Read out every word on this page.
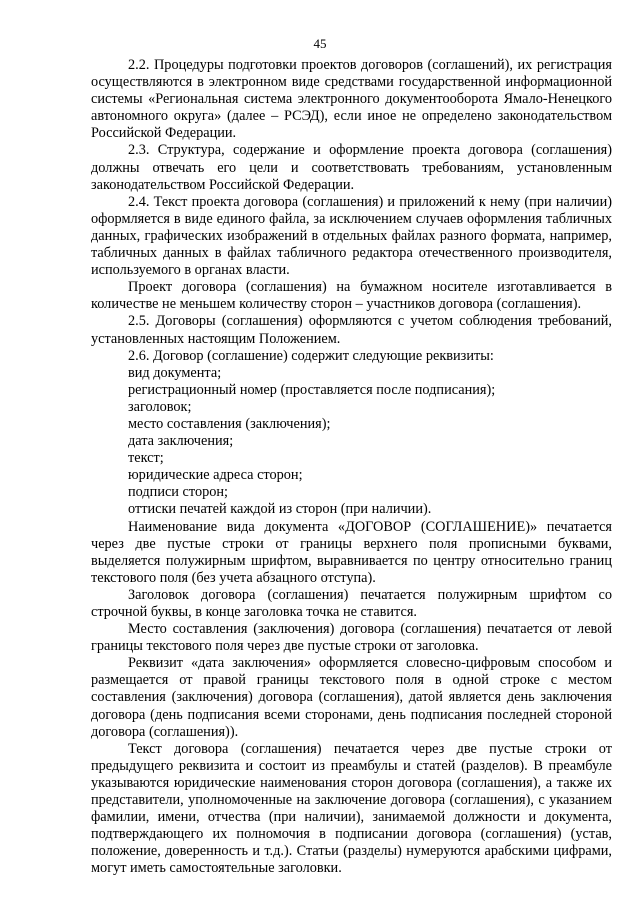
45

2.2. Процедуры подготовки проектов договоров (соглашений), их регистрация осуществляются в электронном виде средствами государственной информационной системы «Региональная система электронного документооборота Ямало-Ненецкого автономного округа» (далее – РСЭД), если иное не определено законодательством Российской Федерации.

2.3. Структура, содержание и оформление проекта договора (соглашения) должны отвечать его цели и соответствовать требованиям, установленным законодательством Российской Федерации.

2.4. Текст проекта договора (соглашения) и приложений к нему (при наличии) оформляется в виде единого файла, за исключением случаев оформления табличных данных, графических изображений в отдельных файлах разного формата, например, табличных данных в файлах табличного редактора отечественного производителя, используемого в органах власти.

Проект договора (соглашения) на бумажном носителе изготавливается в количестве не меньшем количеству сторон – участников договора (соглашения).

2.5. Договоры (соглашения) оформляются с учетом соблюдения требований, установленных настоящим Положением.

2.6. Договор (соглашение) содержит следующие реквизиты:

вид документа;

регистрационный номер (проставляется после подписания);

заголовок;

место составления (заключения);

дата заключения;

текст;

юридические адреса сторон;

подписи сторон;

оттиски печатей каждой из сторон (при наличии).

Наименование вида документа «ДОГОВОР (СОГЛАШЕНИЕ)» печатается через две пустые строки от границы верхнего поля прописными буквами, выделяется полужирным шрифтом, выравнивается по центру относительно границ текстового поля (без учета абзацного отступа).

Заголовок договора (соглашения) печатается полужирным шрифтом со строчной буквы, в конце заголовка точка не ставится.

Место составления (заключения) договора (соглашения) печатается от левой границы текстового поля через две пустые строки от заголовка.

Реквизит «дата заключения» оформляется словесно-цифровым способом и размещается от правой границы текстового поля в одной строке с местом составления (заключения) договора (соглашения), датой является день заключения договора (день подписания всеми сторонами, день подписания последней стороной договора (соглашения)).

Текст договора (соглашения) печатается через две пустые строки от предыдущего реквизита и состоит из преамбулы и статей (разделов). В преамбуле указываются юридические наименования сторон договора (соглашения), а также их представители, уполномоченные на заключение договора (соглашения), с указанием фамилии, имени, отчества (при наличии), занимаемой должности и документа, подтверждающего их полномочия в подписании договора (соглашения) (устав, положение, доверенность и т.д.). Статьи (разделы) нумеруются арабскими цифрами, могут иметь самостоятельные заголовки.
